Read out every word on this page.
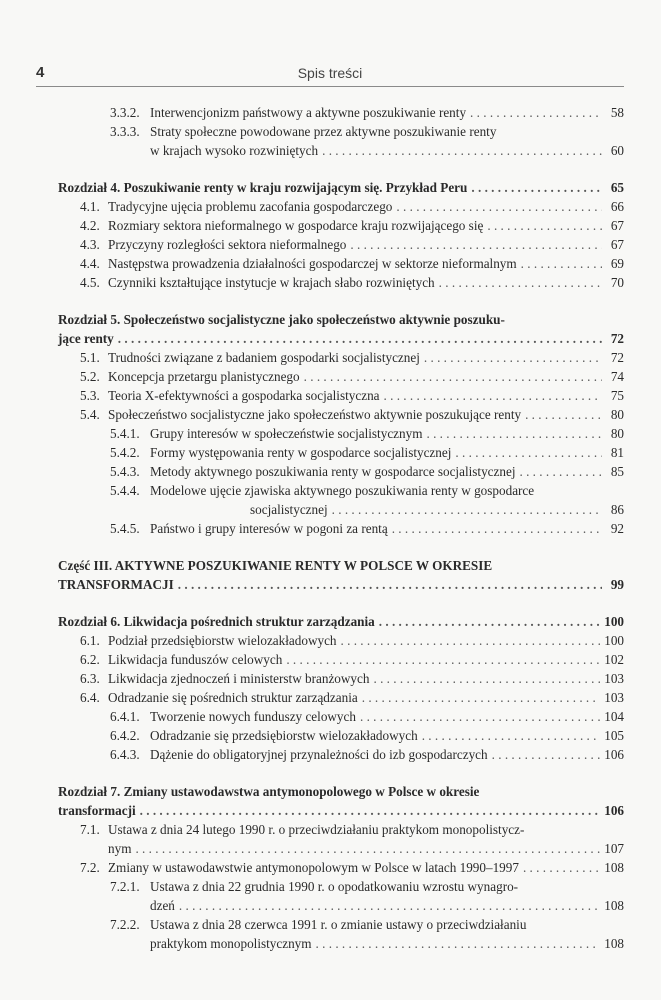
4	Spis treści
3.3.2. Interwencjonizm państwowy a aktywne poszukiwanie renty . . .	58
3.3.3. Straty społeczne powodowane przez aktywne poszukiwanie renty
w krajach wysoko rozwiniętych . . .	60
Rozdział 4. Poszukiwanie renty w kraju rozwijającym się. Przykład Peru . . .	65
4.1. Tradycyjne ujęcia problemu zacofania gospodarczego . . .	66
4.2. Rozmiary sektora nieformalnego w gospodarce kraju rozwijającego się . . .	67
4.3. Przyczyny rozległości sektora nieformalnego . . .	67
4.4. Następstwa prowadzenia działalności gospodarczej w sektorze nieformalnym . . .	69
4.5. Czynniki kształtujące instytucje w krajach słabo rozwiniętych . . .	70
Rozdział 5. Społeczeństwo socjalistyczne jako społeczeństwo aktywnie poszuku-
jące renty . . .	72
5.1. Trudności związane z badaniem gospodarki socjalistycznej . . .	72
5.2. Koncepcja przetargu planistycznego . . .	74
5.3. Teoria X-efektywności a gospodarka socjalistyczna . . .	75
5.4. Społeczeństwo socjalistyczne jako społeczeństwo aktywnie poszukujące renty . . .	80
5.4.1. Grupy interesów w społeczeństwie socjalistycznym . . .	80
5.4.2. Formy występowania renty w gospodarce socjalistycznej . . .	81
5.4.3. Metody aktywnego poszukiwania renty w gospodarce socjalistycznej . . .	85
5.4.4. Modelowe ujęcie zjawiska aktywnego poszukiwania renty w gospodarce
socjalistycznej . . .	86
5.4.5. Państwo i grupy interesów w pogoni za rentą . . .	92
Część III. AKTYWNE POSZUKIWANIE RENTY W POLSCE W OKRESIE
TRANSFORMACJI . . .	99
Rozdział 6. Likwidacja pośrednich struktur zarządzania . . .	100
6.1. Podział przedsiębiorstw wielozakładowych . . .	100
6.2. Likwidacja funduszów celowych . . .	102
6.3. Likwidacja zjednoczeń i ministerstw branżowych . . .	103
6.4. Odradzanie się pośrednich struktur zarządzania . . .	103
6.4.1. Tworzenie nowych funduszy celowych . . .	104
6.4.2. Odradzanie się przedsiębiorstw wielozakładowych . . .	105
6.4.3. Dążenie do obligatoryjnej przynależności do izb gospodarczych . . .	106
Rozdział 7. Zmiany ustawodawstwa antymonopolowego w Polsce w okresie
transformacji . . .	106
7.1. Ustawa z dnia 24 lutego 1990 r. o przeciwdziałaniu praktykom monopolistycz-
nym . . .	107
7.2. Zmiany w ustawodawstwie antymonopolowym w Polsce w latach 1990–1997 . . .	108
7.2.1. Ustawa z dnia 22 grudnia 1990 r. o opodatkowaniu wzrostu wynagro-
dzeń . . .	108
7.2.2. Ustawa z dnia 28 czerwca 1991 r. o zmianie ustawy o przeciwdziałaniu
praktykom monopolistycznym . . .	108
